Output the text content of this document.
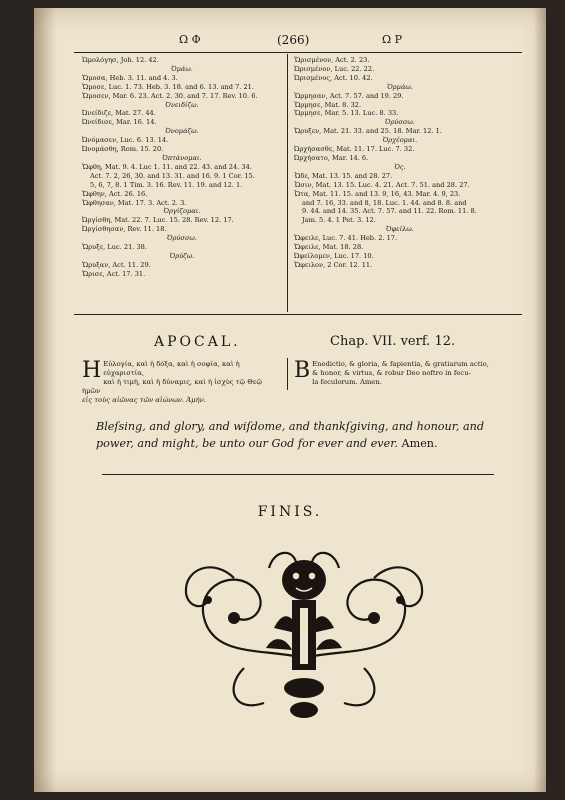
Ω Φ	(266)	Ω Ρ
Ὡμολόγησ, Joh. 12. 42.
Ὀμάω.
Ὤμοσα, Heb. 3. 11. and 4. 3.
Ὤμοσε, Luc. 1. 73. Heb. 3. 18. and 6. 13. and 7. 21.
Ὤμοσεν, Mar. 6. 23. Act. 2. 30. and 7. 17. Rev. 10. 6.
Ὀνειδίζω.
Ὠνείδιζε, Mat. 27. 44.
Ὠνείδισε, Mar. 16. 14.
Ὀνομάζω.
Ὠνόμασεν, Luc. 6. 13. 14.
Ὠνομάσθη, Rom. 15. 20.
Ὀπτάνομαι.
Ὤφθη, Mat. 9. 4. Luc 1. 11. and 22. 43. and 24. 34.
Act. 7. 2, 26, 30. and 13. 31. and 16. 9. 1 Cor. 15.
5, 6, 7, 8. 1 Tim. 3. 16. Rev. 11. 19. and 12. 1.
Ὤφθην, Act. 26. 16.
Ὤφθησαν, Mat. 17. 3. Act. 2. 3.
Ὀργίζομαι.
Ὠργίσθη, Mat. 22. 7. Luc. 15. 28. Rev. 12. 17.
Ὠργίσθησαν, Rev. 11. 18.
Ὀρύσσω.
Ὤρυξε, Luc. 21. 38.
Ὀρύζω.
Ὤρυξαν, Act. 11. 29.
Ὤρισε, Act. 17. 31.
Ὥρισμένον, Act. 2. 23.
Ὡρισμένον, Luc. 22. 22.
Ὡρισμένος, Act. 10. 42.
Ὁρμάω.
Ὥρμησαν, Act. 7. 57. and 19. 29.
Ὥρμησε, Mat. 8. 32.
Ὥρμησε, Mar. 5. 13. Luc. 8. 33.
Ὀρύσσω.
Ὤρυξεν, Mat. 21. 33. and 25. 18. Mar. 12. 1.
Ὀρχέομαι.
Ὠρχήσασθε, Mat. 11. 17. Luc. 7. 32.
Ὠρχήσατο, Mar. 14. 6.
Ὁς.
Ὧδε, Mat. 13. 15. and 28. 27.
Ὧσιν, Mat. 13. 15. Luc. 4. 21. Act. 7. 51. and 28. 27.
Ὦτα, Mat. 11. 15. and 13. 9, 16, 43. Mar. 4. 9, 23.
and 7. 16, 33. and 8, 18. Luc. 1. 44. and 8. 8. and
9. 44. and 14. 35. Act. 7. 57. and 11. 22. Rom. 11. 8.
Jam. 5. 4. 1 Pet. 3. 12.
Ὀφείλω.
Ὤφειλε, Luc. 7. 41. Heb. 2. 17.
Ὤφειλε, Mat. 18. 28.
Ὠφείλομεν, Luc. 17. 10.
Ὤφειλον, 2 Cor. 12. 11.
APOCAL.	Chap. VII. verf. 12.
H Εὐλογία, καὶ ἡ δόξα, καὶ ἡ σοφία, καὶ ἡ εὐχαριστία,
καὶ ἡ τιμὴ, καὶ ἡ δύναμις, καὶ ἡ ἰσχὺς τῷ Θεῷ ἡμῶν
εἰς τοὺς αἰῶνας τῶν αἰώνων. Ἀμήν.
B Enedictio, & gloria, & fapientia, & gratiarum actio,
& honor, & virtus, & robur Deo noftro in fecu-
la feculorum. Amen.
Bleſsing, and glory, and wiſdome, and thankſgiving, and honour, and
power, and might, be unto our God for ever and ever. Amen.
FINIS.
